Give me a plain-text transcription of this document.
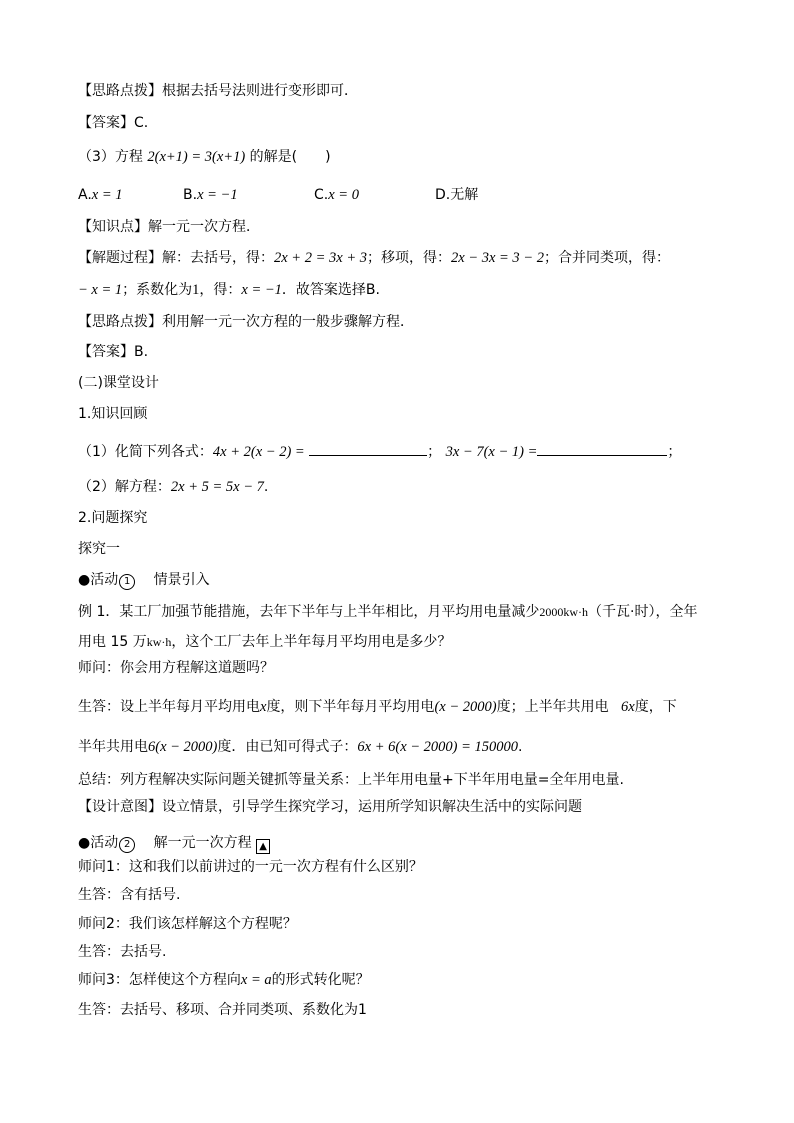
【思路点拨】根据去括号法则进行变形即可．
【答案】C.
（3）方程 2(x+1) = 3(x+1) 的解是(　　)
A.x = 1	B.x = −1	C.x = 0	D.无解
【知识点】解一元一次方程．
【解题过程】解：去括号，得：2x + 2 = 3x + 3；移项，得：2x − 3x = 3 − 2；合并同类项，得：
− x = 1；系数化为1，得：x = −1．故答案选择B.
【思路点拨】利用解一元一次方程的一般步骤解方程．
【答案】B.
(二)课堂设计
1.知识回顾
（1）化简下列各式：4x + 2(x − 2) =	； 3x − 7(x − 1) =	；
（2）解方程：2x + 5 = 5x − 7.
2.问题探究
探究一
●活动 1 情景引入
例 1．某工厂加强节能措施，去年下半年与上半年相比，月平均用电量减少2000kw·h（千瓦·时），全年
用电 15 万kw·h，这个工厂去年上半年每月平均用电是多少？
师问：你会用方程解这道题吗？
生答：设上半年每月平均用电x度，则下半年每月平均用电(x − 2000)度；上半年共用电 6x度，下
半年共用电6(x − 2000)度．由已知可得式子：6x + 6(x − 2000) = 150000.
总结：列方程解决实际问题关键抓等量关系：上半年用电量+下半年用电量=全年用电量.
【设计意图】设立情景，引导学生探究学习，运用所学知识解决生活中的实际问题
●活动 2 解一元一次方程 ▲
师问1：这和我们以前讲过的一元一次方程有什么区别？
生答：含有括号.
师问2：我们该怎样解这个方程呢？
生答：去括号.
师问3：怎样使这个方程向x = a的形式转化呢？
生答：去括号、移项、合并同类项、系数化为1
